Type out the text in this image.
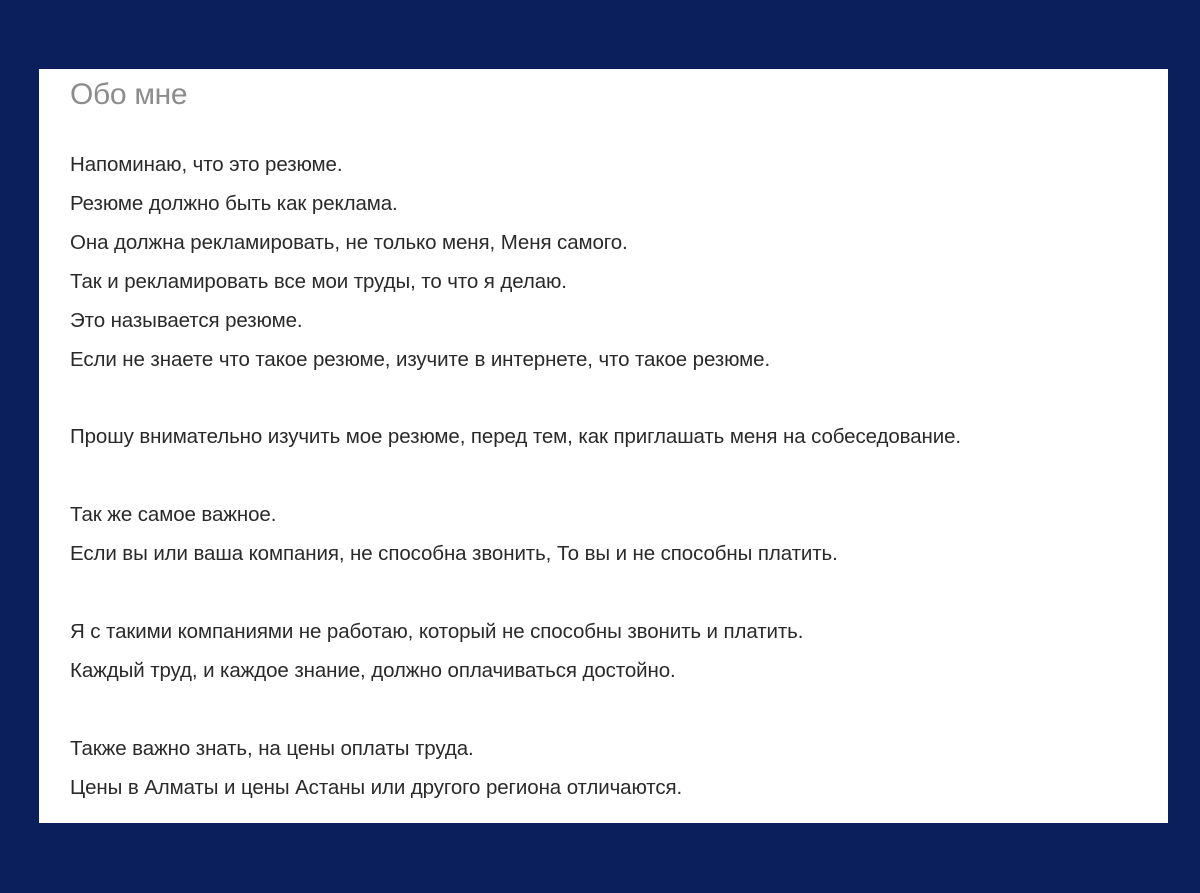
Обо мне
Напоминаю, что это резюме.
Резюме должно быть как реклама.
Она должна рекламировать, не только меня, Меня самого.
Так и рекламировать все мои труды, то что я делаю.
Это называется резюме.
Если не знаете что такое резюме, изучите в интернете, что такое резюме.
Прошу внимательно изучить мое резюме, перед тем, как приглашать меня на собеседование.
Так же самое важное.
Если вы или ваша компания, не способна звонить, То вы и не способны платить.
Я с такими компаниями не работаю, который не способны звонить и платить.
Каждый труд, и каждое знание, должно оплачиваться достойно.
Также важно знать, на цены оплаты труда.
Цены в Алматы и цены Астаны или другого региона отличаются.
